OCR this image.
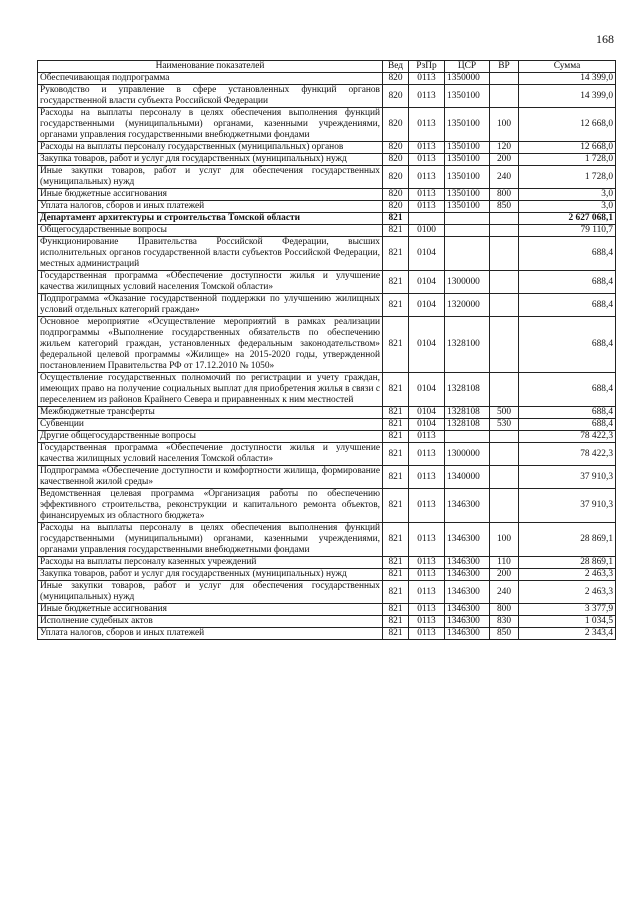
168
Наименование показателей	Вед	РзПр	ЦСР	ВР	Сумма
Обеспечивающая подпрограмма	820	0113	1350000		14 399,0
Руководство и управление в сфере установленных функций органов государственной власти субъекта Российской Федерации	820	0113	1350100		14 399,0
Расходы на выплаты персоналу в целях обеспечения выполнения функций государственными (муниципальными) органами, казенными учреждениями, органами управления государственными внебюджетными фондами	820	0113	1350100	100	12 668,0
Расходы на выплаты персоналу государственных (муниципальных) органов	820	0113	1350100	120	12 668,0
Закупка товаров, работ и услуг для государственных (муниципальных) нужд	820	0113	1350100	200	1 728,0
Иные закупки товаров, работ и услуг для обеспечения государственных (муниципальных) нужд	820	0113	1350100	240	1 728,0
Иные бюджетные ассигнования	820	0113	1350100	800	3,0
Уплата налогов, сборов и иных платежей	820	0113	1350100	850	3,0
Департамент архитектуры и строительства Томской области	821				2 627 068,1
Общегосударственные вопросы	821	0100			79 110,7
Функционирование Правительства Российской Федерации, высших исполнительных органов государственной власти субъектов Российской Федерации, местных администраций	821	0104			688,4
Государственная программа «Обеспечение доступности жилья и улучшение качества жилищных условий населения Томской области»	821	0104	1300000		688,4
Подпрограмма «Оказание государственной поддержки по улучшению жилищных условий отдельных категорий граждан»	821	0104	1320000		688,4
Основное мероприятие «Осуществление мероприятий в рамках реализации подпрограммы «Выполнение государственных обязательств по обеспечению жильем категорий граждан, установленных федеральным законодательством» федеральной целевой программы «Жилище» на 2015-2020 годы, утвержденной постановлением Правительства РФ от 17.12.2010 № 1050»	821	0104	1328100		688,4
Осуществление государственных полномочий по регистрации и учету граждан, имеющих право на получение социальных выплат для приобретения жилья в связи с переселением из районов Крайнего Севера и приравненных к ним местностей	821	0104	1328108		688,4
Межбюджетные трансферты	821	0104	1328108	500	688,4
Субвенции	821	0104	1328108	530	688,4
Другие общегосударственные вопросы	821	0113			78 422,3
Государственная программа «Обеспечение доступности жилья и улучшение качества жилищных условий населения Томской области»	821	0113	1300000		78 422,3
Подпрограмма «Обеспечение доступности и комфортности жилища, формирование качественной жилой среды»	821	0113	1340000		37 910,3
Ведомственная целевая программа «Организация работы по обеспечению эффективного строительства, реконструкции и капитального ремонта объектов, финансируемых из областного бюджета»	821	0113	1346300		37 910,3
Расходы на выплаты персоналу в целях обеспечения выполнения функций государственными (муниципальными) органами, казенными учреждениями, органами управления государственными внебюджетными фондами	821	0113	1346300	100	28 869,1
Расходы на выплаты персоналу казенных учреждений	821	0113	1346300	110	28 869,1
Закупка товаров, работ и услуг для государственных (муниципальных) нужд	821	0113	1346300	200	2 463,3
Иные закупки товаров, работ и услуг для обеспечения государственных (муниципальных) нужд	821	0113	1346300	240	2 463,3
Иные бюджетные ассигнования	821	0113	1346300	800	3 377,9
Исполнение судебных актов	821	0113	1346300	830	1 034,5
Уплата налогов, сборов и иных платежей	821	0113	1346300	850	2 343,4
